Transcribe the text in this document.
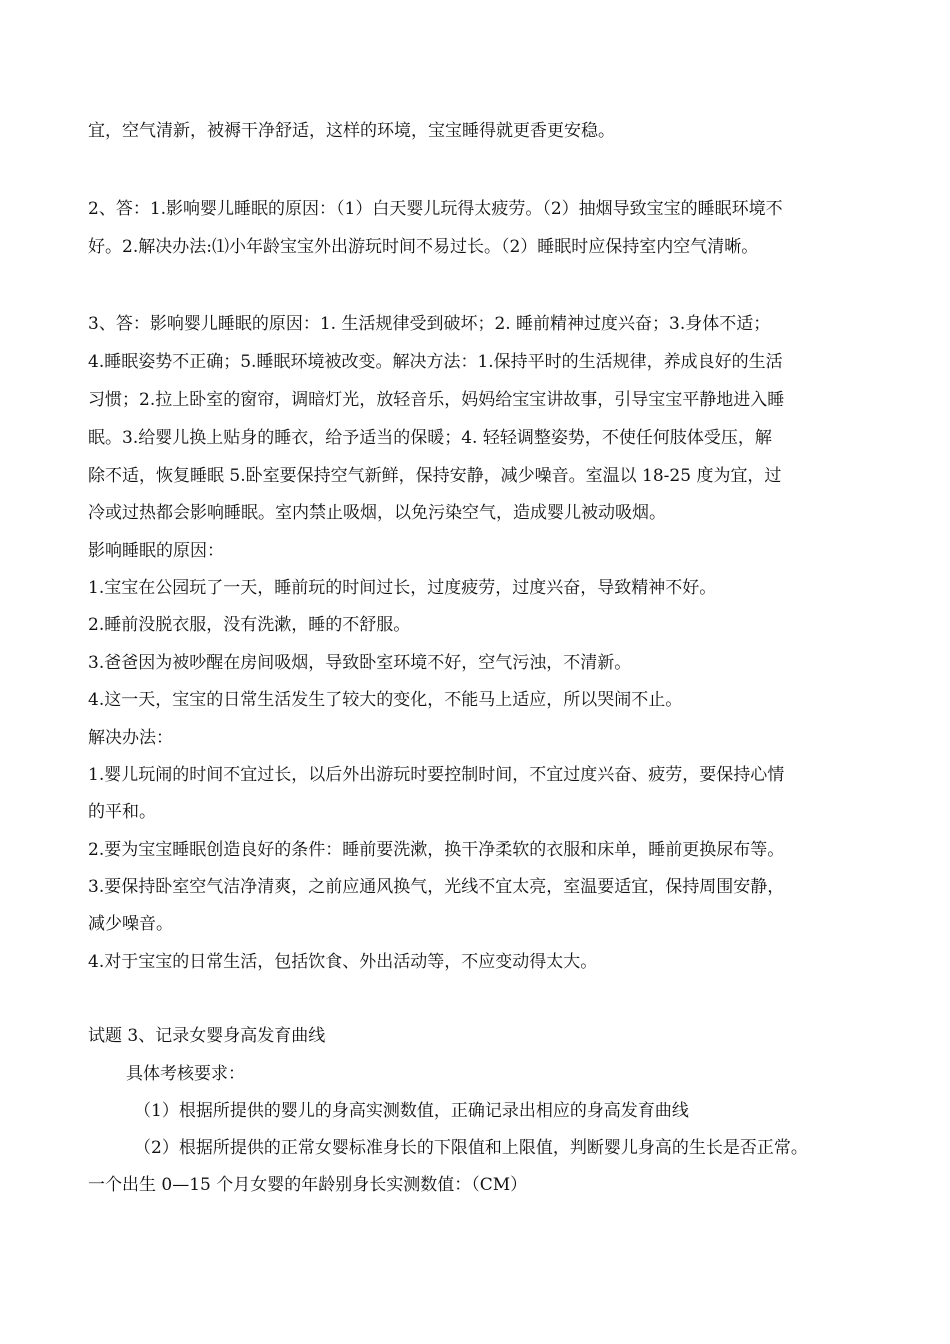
宜，空气清新，被褥干净舒适，这样的环境，宝宝睡得就更香更安稳。
2、答：1.影响婴儿睡眠的原因：（1）白天婴儿玩得太疲劳。（2）抽烟导致宝宝的睡眠环境不
好。2.解决办法:⑴小年龄宝宝外出游玩时间不易过长。（2）睡眠时应保持室内空气清晰。
3、答：影响婴儿睡眠的原因：1. 生活规律受到破坏；2. 睡前精神过度兴奋；3.身体不适；
4.睡眠姿势不正确；5.睡眠环境被改变。解决方法：1.保持平时的生活规律，养成良好的生活
习惯；2.拉上卧室的窗帘，调暗灯光，放轻音乐，妈妈给宝宝讲故事，引导宝宝平静地进入睡
眠。3.给婴儿换上贴身的睡衣，给予适当的保暖；4. 轻轻调整姿势，不使任何肢体受压，解
除不适，恢复睡眠 5.卧室要保持空气新鲜，保持安静，减少噪音。室温以 18-25 度为宜，过
冷或过热都会影响睡眠。室内禁止吸烟，以免污染空气，造成婴儿被动吸烟。
影响睡眠的原因：
1.宝宝在公园玩了一天，睡前玩的时间过长，过度疲劳，过度兴奋，导致精神不好。
2.睡前没脱衣服，没有洗漱，睡的不舒服。
3.爸爸因为被吵醒在房间吸烟，导致卧室环境不好，空气污浊，不清新。
4.这一天，宝宝的日常生活发生了较大的变化，不能马上适应，所以哭闹不止。
解决办法：
1.婴儿玩闹的时间不宜过长，以后外出游玩时要控制时间，不宜过度兴奋、疲劳，要保持心情
的平和。
2.要为宝宝睡眠创造良好的条件：睡前要洗漱，换干净柔软的衣服和床单，睡前更换尿布等。
3.要保持卧室空气洁净清爽，之前应通风换气，光线不宜太亮，室温要适宜，保持周围安静，
减少噪音。
4.对于宝宝的日常生活，包括饮食、外出活动等，不应变动得太大。
试题 3、记录女婴身高发育曲线
具体考核要求：
（1）根据所提供的婴儿的身高实测数值，正确记录出相应的身高发育曲线
（2）根据所提供的正常女婴标准身长的下限值和上限值，判断婴儿身高的生长是否正常。
一个出生 0—15 个月女婴的年龄别身长实测数值：（CM）
